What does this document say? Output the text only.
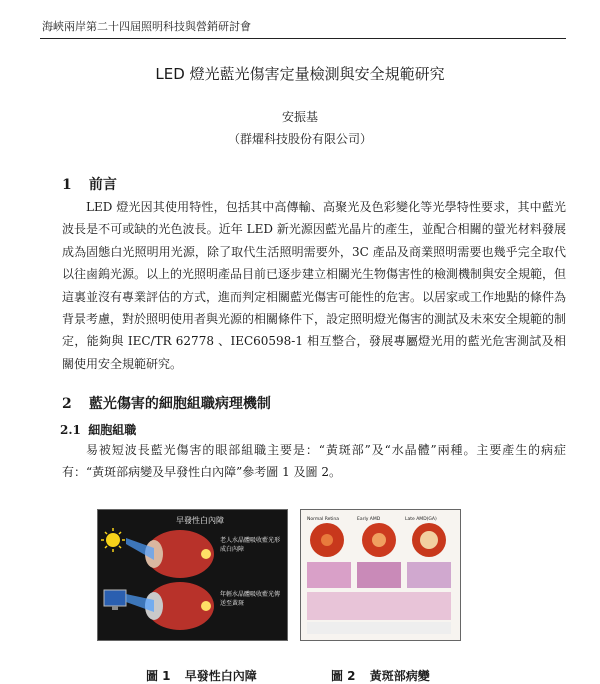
海峽兩岸第二十四屆照明科技與營銷研討會
LED 燈光藍光傷害定量檢測與安全規範研究
安振基
（群燿科技股份有限公司）
1 前言
LED 燈光因其使用特性，包括其中高傳輸、高聚光及色彩變化等光學特性要求，其中藍光波長是不可或缺的光色波長。近年 LED 新光源因藍光晶片的產生，並配合相關的螢光材料發展成為固態白光照明用光源，除了取代生活照明需要外，3C 產品及商業照明需要也幾乎完全取代以往鹵鎢光源。以上的光照明產品目前已逐步建立相關光生物傷害性的檢測機制與安全規範，但這裏並沒有專業評估的方式，進而判定相關藍光傷害可能性的危害。以居家或工作地點的條件為背景考慮，對於照明使用者與光源的相關條件下，設定照明燈光傷害的測試及未來安全規範的制定，能夠與 IEC/TR 62778 、IEC60598-1 相互整合，發展專屬燈光用的藍光危害測試及相關使用安全規範研究。
2 藍光傷害的細胞組職病理機制
2.1 細胞組職
易被短波長藍光傷害的眼部組職主要是：“黃斑部”及“水晶體”兩種。主要產生的病症有：“黃斑部病變及早發性白內障”參考圖 1 及圖 2。
早發性白內障
老人水晶體吸收藍光形成白內障
年輕水晶體吸收藍光傳送至黃斑
Normal Retina	Early AMD	Late AMD(GA)
圖 1 早發性白內障	圖 2 黃斑部病變
